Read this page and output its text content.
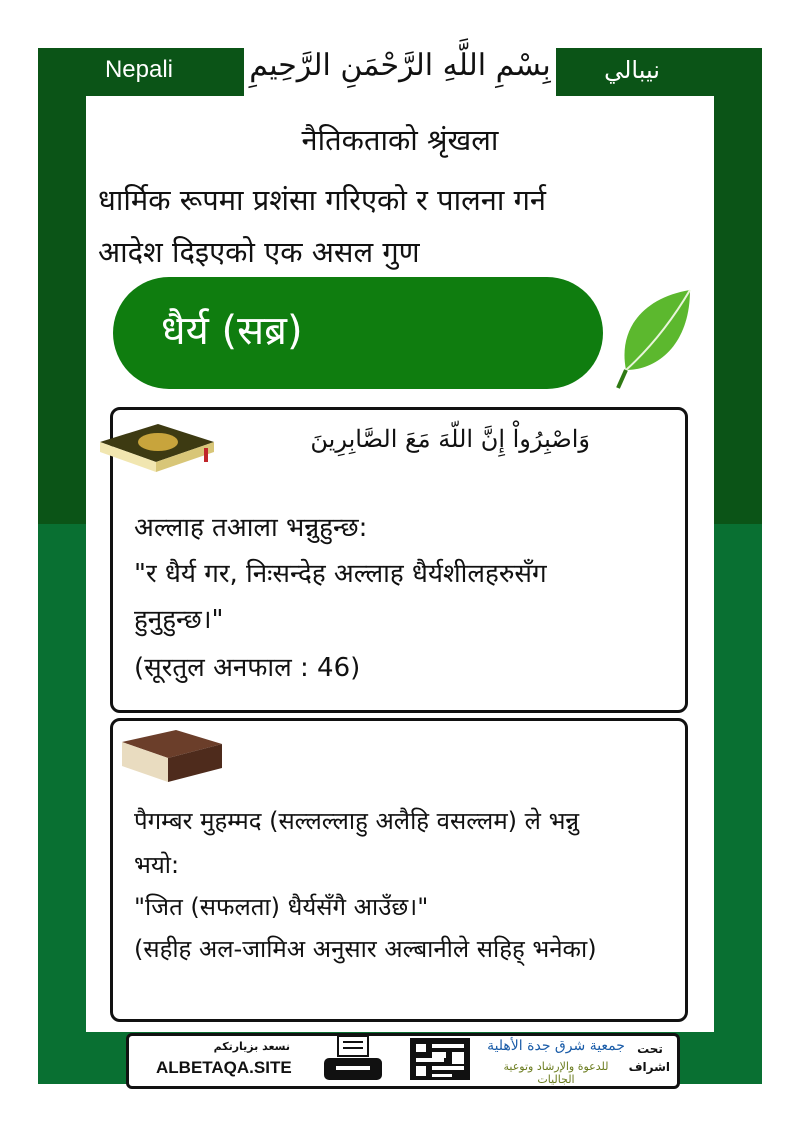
Nepali	نيبالي
بِسْمِ اللَّهِ الرَّحْمَنِ الرَّحِيمِ
नैतिकताको श्रृंखला
धार्मिक रूपमा प्रशंसा गरिएको र पालना गर्न
आदेश दिइएको एक असल गुण
धैर्य (सब्र)
وَاصْبِرُواْ إِنَّ اللّهَ مَعَ الصَّابِرِينَ
अल्लाह तआला भन्नुहुन्छ:
"र धैर्य गर, निःसन्देह अल्लाह धैर्यशीलहरुसँग
हुनुहुन्छ।"
(सूरतुल अनफाल : 46)
पैगम्बर मुहम्मद (सल्लल्लाहु अलैहि वसल्लम) ले भन्नु
भयो:
"जित (सफलता) धैर्यसँगै आउँछ।"
(सहीह अल-जामिअ अनुसार अल्बानीले सहिह् भनेका)
نسعد بزيارتكم
ALBETAQA.SITE
جمعية شرق جدة الأهلية
للدعوة والإرشاد وتوعية الجاليات
تحت اشراف
